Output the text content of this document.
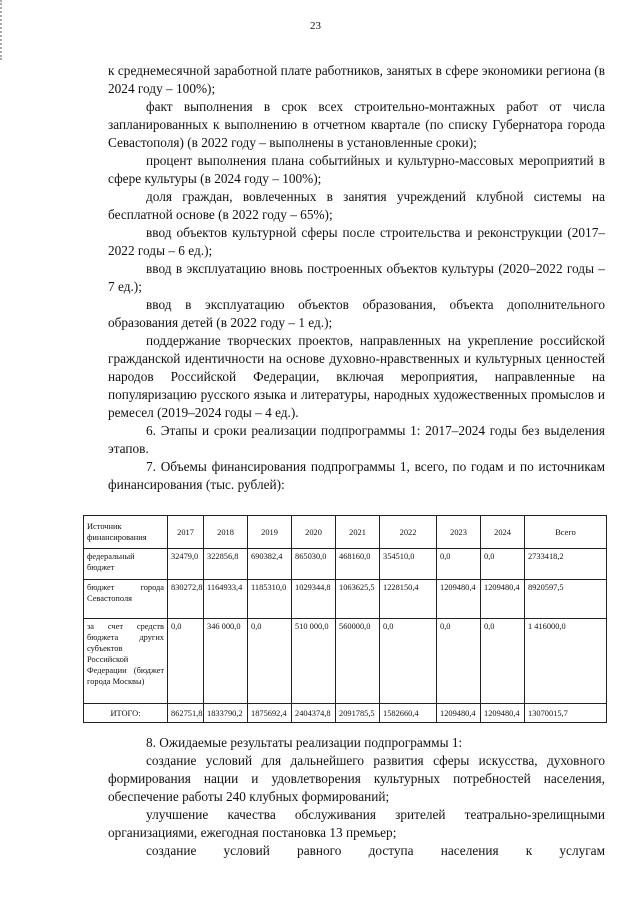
23

к среднемесячной заработной плате работников, занятых в сфере экономики региона (в 2024 году – 100%);

факт выполнения в срок всех строительно-монтажных работ от числа запланированных к выполнению в отчетном квартале (по списку Губернатора города Севастополя) (в 2022 году – выполнены в установленные сроки);

процент выполнения плана событийных и культурно-массовых мероприятий в сфере культуры (в 2024 году – 100%);

доля граждан, вовлеченных в занятия учреждений клубной системы на бесплатной основе (в 2022 году – 65%);

ввод объектов культурной сферы после строительства и реконструкции (2017–2022 годы – 6 ед.);

ввод в эксплуатацию вновь построенных объектов культуры (2020–2022 годы – 7 ед.);

ввод в эксплуатацию объектов образования, объекта дополнительного образования детей (в 2022 году – 1 ед.);

поддержание творческих проектов, направленных на укрепление российской гражданской идентичности на основе духовно-нравственных и культурных ценностей народов Российской Федерации, включая мероприятия, направленные на популяризацию русского языка и литературы, народных художественных промыслов и ремесел (2019–2024 годы – 4 ед.).

6. Этапы и сроки реализации подпрограммы 1: 2017–2024 годы без выделения этапов.

7. Объемы финансирования подпрограммы 1, всего, по годам и по источникам финансирования (тыс. рублей):

Источник финансирования	2017	2018	2019	2020	2021	2022	2023	2024	Всего
федеральный бюджет	32479,0	322856,8	690382,4	865030,0	468160,0	354510,0	0,0	0,0	2733418,2
бюджет города Севастополя	830272,8	1164933,4	1185310,0	1029344,8	1063625,5	1228150,4	1209480,4	1209480,4	8920597,5
за счет средств бюджета других субъектов Российской Федерации (бюджет города Москвы)	0,0	346 000,0	0,0	510 000,0	560000,0	0,0	0,0	0,0	1 416000,0
ИТОГО:	862751,8	1833790,2	1875692,4	2404374,8	2091785,5	1582660,4	1209480,4	1209480,4	13070015,7

8. Ожидаемые результаты реализации подпрограммы 1:

создание условий для дальнейшего развития сферы искусства, духовного формирования нации и удовлетворения культурных потребностей населения, обеспечение работы 240 клубных формирований;

улучшение качества обслуживания зрителей театрально-зрелищными организациями, ежегодная постановка 13 премьер;

создание условий равного доступа населения к услугам
